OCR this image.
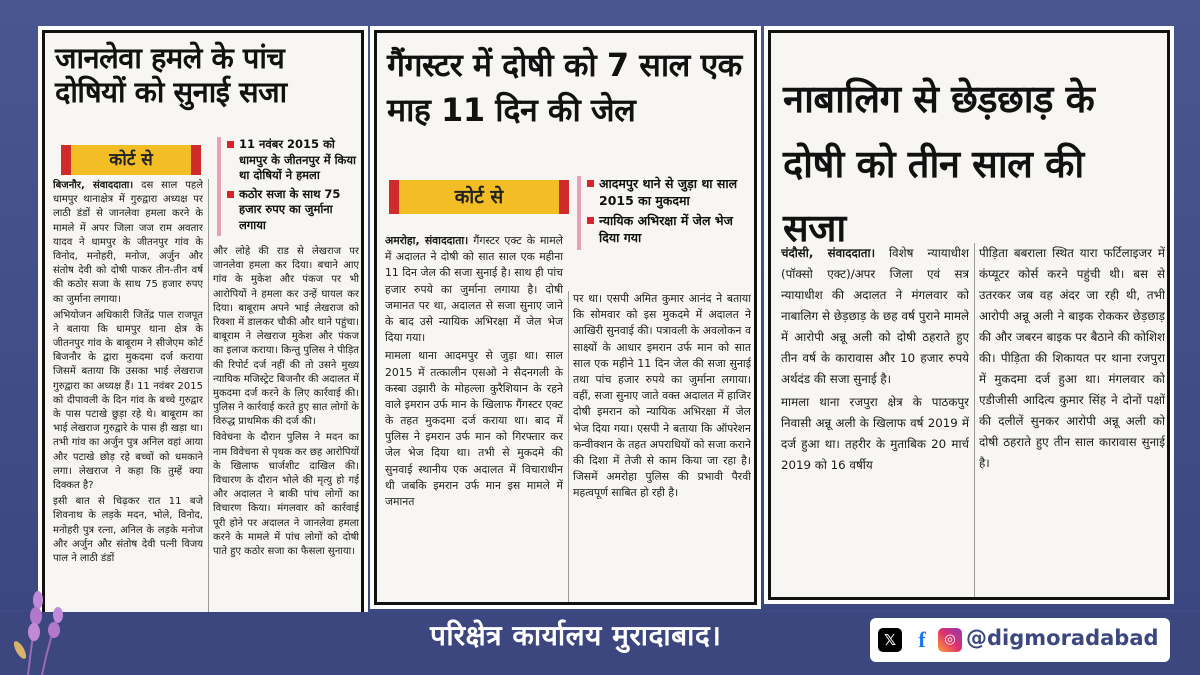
जानलेवा हमले के पांच दोषियों को सुनाई सजा
कोर्ट से
11 नवंबर 2015 को धामपुर के जीतनपुर में किया था दोषियों ने हमला
कठोर सजा के साथ 75 हजार रुपए का जुर्माना लगाया

बिजनौर, संवाददाता। दस साल पहले धामपुर थानाक्षेत्र में गुरुद्वारा अध्यक्ष पर लाठी डंडों से जानलेवा हमला करने के मामले में अपर जिला जज राम अवतार यादव ने धामपुर के जीतनपुर गांव के विनोद, मनोहरी, मनोज, अर्जुन और संतोष देवी को दोषी पाकर तीन-तीन वर्ष की कठोर सजा के साथ 75 हजार रुपए का जुर्माना लगाया।

अभियोजन अधिकारी जितेंद्र पाल राजपूत ने बताया कि धामपुर थाना क्षेत्र के जीतनपुर गांव के बाबूराम ने सीजेएम कोर्ट बिजनौर के द्वारा मुकदमा दर्ज कराया जिसमें बताया कि उसका भाई लेखराज गुरुद्वारा का अध्यक्ष हैं। 11 नवंबर 2015 को दीपावली के दिन गांव के बच्चे गुरुद्वार के पास पटाखे छुड़ा रहे थे। बाबूराम का भाई लेखराज गुरुद्वारे के पास ही खड़ा था। तभी गांव का अर्जुन पुत्र अनिल वहां आया और पटाखे छोड़ रहे बच्चों को धमकाने लगा। लेखराज ने कहा कि तुम्हें क्या दिक्कत है?

इसी बात से चिढ़कर रात 11 बजे शिवनाथ के लड़के मदन, भोले, विनोद, मनोहरी पुत्र रत्ना, अनिल के लड़के मनोज और अर्जुन और संतोष देवी पत्नी विजय पाल ने लाठी डंडों

और लोहे की राड से लेखराज पर जानलेवा हमला कर दिया। बचाने आए गांव के मुकेश और पंकज पर भी आरोपियों ने हमला कर उन्हें घायल कर दिया। बाबूराम अपने भाई लेखराज को रिक्शा में डालकर चौकी और थाने पहुंचा। बाबूराम ने लेखराज मुकेश और पंकज का इलाज कराया। किन्तु पुलिस ने पीड़ित की रिपोर्ट दर्ज नहीं की तो उसने मुख्य न्यायिक मजिस्ट्रेट बिजनौर की अदालत में मुकदमा दर्ज करने के लिए कार्रवाई की। पुलिस ने कार्रवाई करते हुए सात लोगों के विरुद्ध प्राथमिक की दर्ज की।

विवेचना के दौरान पुलिस ने मदन का नाम विवेचना से पृथक कर छह आरोपियों के खिलाफ चार्जशीट दाखिल की। विचारण के दौरान भोले की मृत्यु हो गई और अदालत ने बाकी पांच लोगों का विचारण किया। मंगलवार को कार्रवाई पूरी होने पर अदालत ने जानलेवा हमला करने के मामले में पांच लोगों को दोषी पाते हुए कठोर सजा का फैसला सुनाया।

गैंगस्टर में दोषी को 7 साल एक माह 11 दिन की जेल
कोर्ट से
आदमपुर थाने से जुड़ा था साल 2015 का मुकदमा
न्यायिक अभिरक्षा में जेल भेज दिया गया

अमरोहा, संवाददाता। गैंगस्टर एक्ट के मामले में अदालत ने दोषी को सात साल एक महीना 11 दिन जेल की सजा सुनाई है। साथ ही पांच हजार रुपये का जुर्माना लगाया है। दोषी जमानत पर था, अदालत से सजा सुनाए जाने के बाद उसे न्यायिक अभिरक्षा में जेल भेज दिया गया।

मामला थाना आदमपुर से जुड़ा था। साल 2015 में तत्कालीन एसओ ने सैदनगली के कस्बा उझारी के मोहल्ला कुरैशियान के रहने वाले इमरान उर्फ मान के खिलाफ गैंगस्टर एक्ट के तहत मुकदमा दर्ज कराया था। बाद में पुलिस ने इमरान उर्फ मान को गिरफ्तार कर जेल भेज दिया था। तभी से मुकदमे की सुनवाई स्थानीय एक अदालत में विचाराधीन थी जबकि इमरान उर्फ मान इस मामले में जमानत

पर था। एसपी अमित कुमार आनंद ने बताया कि सोमवार को इस मुकदमे में अदालत ने आखिरी सुनवाई की। पत्रावली के अवलोकन व साक्ष्यों के आधार इमरान उर्फ मान को सात साल एक महीने 11 दिन जेल की सजा सुनाई तथा पांच हजार रुपये का जुर्माना लगाया। वहीं, सजा सुनाए जाते वक्त अदालत में हाजिर दोषी इमरान को न्यायिक अभिरक्षा में जेल भेज दिया गया। एसपी ने बताया कि ऑपरेशन कन्वीक्शन के तहत अपराधियों को सजा कराने की दिशा में तेजी से काम किया जा रहा है। जिसमें अमरोहा पुलिस की प्रभावी पैरवी महत्वपूर्ण साबित हो रही है।

नाबालिग से छेड़छाड़ के दोषी को तीन साल की सजा

चंदौसी, संवाददाता। विशेष न्यायाधीश (पॉक्सो एक्ट)/अपर जिला एवं सत्र न्यायाधीश की अदालत ने मंगलवार को नाबालिग से छेड़छाड़ के छह वर्ष पुराने मामले में आरोपी अन्नू अली को दोषी ठहराते हुए तीन वर्ष के कारावास और 10 हजार रुपये अर्थदंड की सजा सुनाई है।

मामला थाना रजपुरा क्षेत्र के पाठकपुर निवासी अन्नू अली के खिलाफ वर्ष 2019 में दर्ज हुआ था। तहरीर के मुताबिक 20 मार्च 2019 को 16 वर्षीय

पीड़िता बबराला स्थित यारा फर्टिलाइजर में कंप्यूटर कोर्स करने पहुंची थी। बस से उतरकर जब वह अंदर जा रही थी, तभी आरोपी अन्नू अली ने बाइक रोककर छेड़छाड़ की और जबरन बाइक पर बैठाने की कोशिश की। पीड़िता की शिकायत पर थाना रजपुरा में मुकदमा दर्ज हुआ था। मंगलवार को एडीजीसी आदित्य कुमार सिंह ने दोनों पक्षों की दलीलें सुनकर आरोपी अन्नू अली को दोषी ठहराते हुए तीन साल कारावास सुनाई है।

परिक्षेत्र कार्यालय मुरादाबाद।	𝕏	f	◎ @digmoradabad
